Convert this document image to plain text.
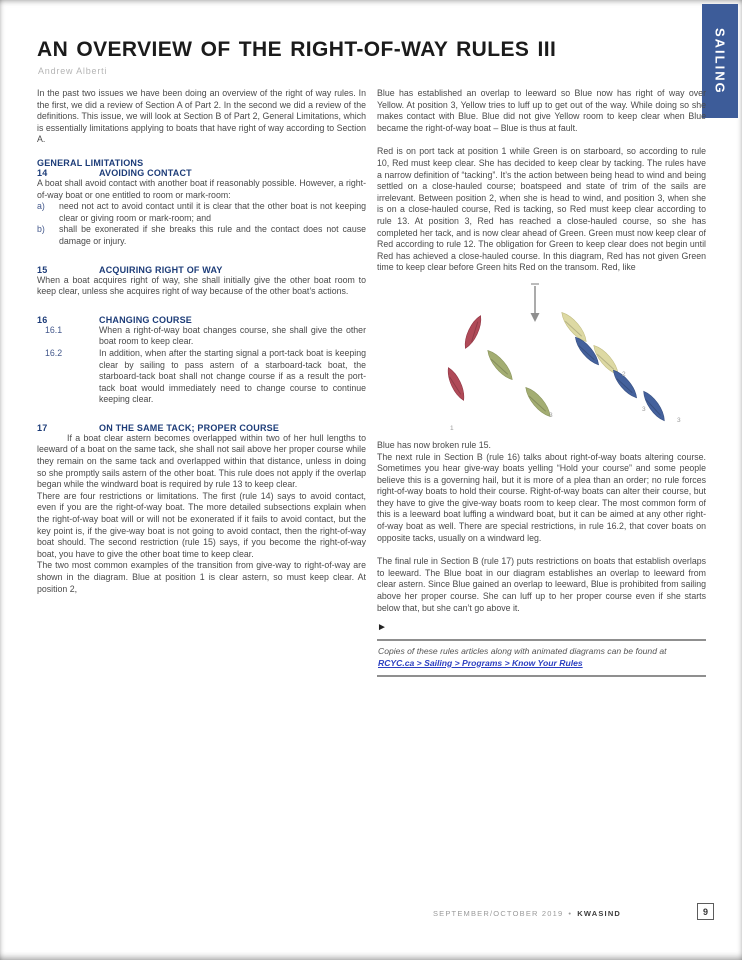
SAILING
AN OVERVIEW OF THE RIGHT-OF-WAY RULES III
Andrew Alberti

In the past two issues we have been doing an overview of the right of way rules. In the first, we did a review of Section A of Part 2. In the second we did a review of the definitions. This issue, we will look at Section B of Part 2, General Limitations, which is essentially limitations applying to boats that have right of way according to Section A.

GENERAL LIMITATIONS
14	AVOIDING CONTACT

A boat shall avoid contact with another boat if reasonably possible. However, a right-of-way boat or one entitled to room or mark-room:

a)	need not act to avoid contact until it is clear that the other boat is not keeping clear or giving room or mark-room; and

b)	shall be exonerated if she breaks this rule and the contact does not cause damage or injury.

15	ACQUIRING RIGHT OF WAY

When a boat acquires right of way, she shall initially give the other boat room to keep clear, unless she acquires right of way because of the other boat’s actions.

16	CHANGING COURSE
16.1	When a right-of-way boat changes course, she shall give the other boat room to keep clear.

16.2	In addition, when after the starting signal a port-tack boat is keeping clear by sailing to pass astern of a starboard-tack boat, the starboard-tack boat shall not change course if as a result the port-tack boat would immediately need to change course to continue keeping clear.

17	ON THE SAME TACK; PROPER COURSE

If a boat clear astern becomes overlapped within two of her hull lengths to leeward of a boat on the same tack, she shall not sail above her proper course while they remain on the same tack and overlapped within that distance, unless in doing so she promptly sails astern of the other boat. This rule does not apply if the overlap began while the windward boat is required by rule 13 to keep clear.

There are four restrictions or limitations. The first (rule 14) says to avoid contact, even if you are the right-of-way boat. The more detailed subsections explain when the right-of-way boat will or will not be exonerated if it fails to avoid contact, but the key point is, if the give-way boat is not going to avoid contact, then the right-of-way boat should. The second restriction (rule 15) says, if you become the right-of-way boat, you have to give the other boat time to keep clear.

The two most common examples of the transition from give-way to right-of-way are shown in the diagram. Blue at position 1 is clear astern, so must keep clear. At position 2,

Blue has established an overlap to leeward so Blue now has right of way over Yellow. At position 3, Yellow tries to luff up to get out of the way. While doing so she makes contact with Blue. Blue did not give Yellow room to keep clear when Blue became the right-of-way boat – Blue is thus at fault.

Red is on port tack at position 1 while Green is on starboard, so according to rule 10, Red must keep clear. She has decided to keep clear by tacking. The rules have a narrow definition of “tacking”. It’s the action between being head to wind and being settled on a close-hauled course; boatspeed and state of trim of the sails are irrelevant. Between position 2, when she is head to wind, and position 3, when she is on a close-hauled course, Red is tacking, so Red must keep clear according to rule 13. At position 3, Red has reached a close-hauled course, so she has completed her tack, and is now clear ahead of Green. Green must now keep clear of Red according to rule 12. The obligation for Green to keep clear does not begin until Red has achieved a close-hauled course. In this diagram, Red has not given Green time to keep clear before Green hits Red on the transom. Red, like

1
3
2
3
3

Blue has now broken rule 15.

The next rule in Section B (rule 16) talks about right-of-way boats altering course. Sometimes you hear give-way boats yelling “Hold your course” and some people believe this is a governing hail, but it is more of a plea than an order; no rule forces right-of-way boats to hold their course. Right-of-way boats can alter their course, but they have to give the give-way boats room to keep clear. The most common form of this is a leeward boat luffing a windward boat, but it can be aimed at any other right-of-way boat as well. There are special restrictions, in rule 16.2, that cover boats on opposite tacks, usually on a windward leg.

The final rule in Section B (rule 17) puts restrictions on boats that establish overlaps to leeward. The Blue boat in our diagram establishes an overlap to leeward from clear astern. Since Blue gained an overlap to leeward, Blue is prohibited from sailing above her proper course. She can luff up to her proper course even if she starts below that, but she can’t go above it.

►
Copies of these rules articles along with animated diagrams can be found at RCYC.ca > Sailing > Programs > Know Your Rules
SEPTEMBER/OCTOBER 2019 • KWASIND	9
